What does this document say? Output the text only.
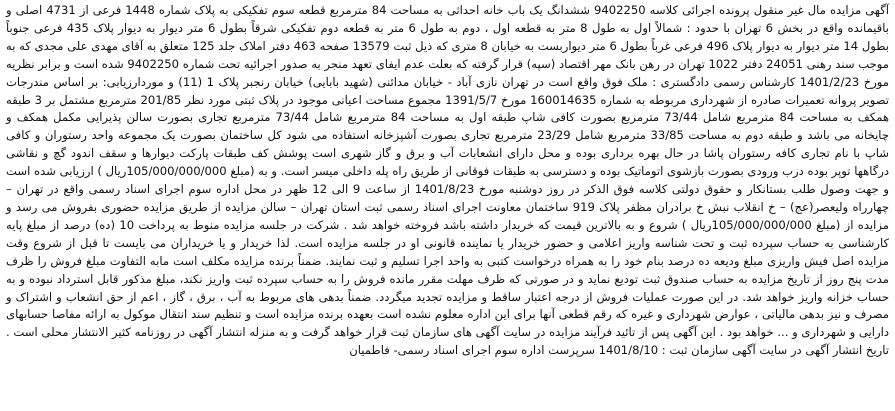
آگهی مزایده مال غیر منقول پرونده اجرائی کلاسه 9402250 ششدانگ یک باب خانه احداثی به مساحت 84 مترمربع قطعه سوم تفکیکی به پلاک شماره 1448 فرعی از 4731 اصلی و باقیمانده واقع در بخش 6 تهران با حدود : شمالاً اول به طول 8 متر به قطعه اول ، دوم به طول 6 متر به قطعه دوم تفکیکی شرقاً بطول 6 متر دیوار به دیوار پلاک 435 فرعی جنوباً بطول 14 متر دیوار به دیوار پلاک 496 فرعی غرباً بطول 6 متر دیواربست به خیابان 8 متری که ذیل ثبت 13579 صفحه 463 دفتر املاک جلد 125 متعلق به آقای مهدی علی مجدی که به موجب سند رهنی 24051 دفتر 1022 تهران در رهن بانک مهر اقتصاد (سپه) قرار گرفته که بعلت عدم ایفای تعهد منجر به صدور اجرائیه تحت شماره 9402250 شده است و برابر نظریه مورخ 1401/2/23 کارشناس رسمی دادگستری : ملک فوق واقع است در تهران نازی آباد - خیابان مدائنی (شهید بابایی) خیابان رنجبر پلاک 1 (11) و موردارزیابی: بر اساس مندرجات تصویر پروانه تعمیرات صادره از شهرداری مربوطه به شماره 160014635 مورخ 1391/5/7 مجموع مساحت اعیانی موجود در پلاک ثبتی مورد نظر 201/85 مترمربع مشتمل بر 3 طبقه همکف به مساحت 84 مترمربع شامل 73/44 مترمربع بصورت کافی شاپ طبقه اول به مساحت 84 مترمربع شامل 73/44 مترمربع تجاری بصورت سالن پذیرایی مکمل همکف و چایخانه می باشد و طبقه دوم به مساحت 33/85 مترمربع شامل 23/29 مترمربع تجاری بصورت آشپزخانه استفاده می شود کل ساختمان بصورت یک مجموعه واحد رستوران و کافی شاپ با نام تجاری کافه رستوران پاشا در حال بهره برداری بوده و محل دارای انشعابات آب و برق و گاز شهری است پوشش کف طبقات پارکت دیوارها و سقف اندود گچ و نقاشی درگاهها توپر بوده درب ورودی بصورت بازشوی اتوماتیک بوده و دسترسی به طبقات فوقانی از طریق راه پله داخلی میسر است. و به (مبلغ 105/000/000/000ریال ) ارزیابی شده است و جهت وصول طلب بستانکار و حقوق دولتی کلاسه فوق الذکر در روز دوشنبه مورخ 1401/8/23 از ساعت 9 الی 12 ظهر در محل اداره سوم اجرای اسناد رسمی واقع در تهران – چهارراه ولیعصر(عج) – خ انقلاب نبش خ برادران مظفر پلاک 919 ساختمان معاونت اجرای اسناد رسمی ثبت استان تهران – سالن مزایده از طریق مزایده حضوری بفروش می رسد و مزایده از (مبلغ 105/000/000/000ریال ) شروع و به بالاترین قیمت که خریدار داشته باشد فروخته خواهد شد . شرکت در جلسه مزایده منوط به پرداخت 10 (ده) درصد از مبلغ پایه کارشناسی به حساب سپرده ثبت و تحت شناسه واریز اعلامی و حضور خریدار یا نماینده قانونی او در جلسه مزایده است. لذا خریدار و یا خریداران می بایست تا قبل از شروع وقت مزایده اصل فیش واریزی مبلغ ودیعه ده درصد بنام خود را به همراه درخواست کتبی به واحد اجرا تسلیم و ثبت نمایند. ضمناً برنده مزایده مکلف است مابه التفاوت مبلغ فروش را ظرف مدت پنج روز از تاریخ مزایده به حساب صندوق ثبت تودیع نماید و در صورتی که ظرف مهلت مقرر مانده فروش را به حساب سپرده ثبت واریز نکند، مبلغ مذکور قابل استرداد نبوده و به حساب خزانه واریز خواهد شد. در این صورت عملیات فروش از درجه اعتبار ساقط و مزایده تجدید میگردد. ضمناً بدهی های مربوط به آب ، برق ، گاز ، اعم از حق انشعاب و اشتراک و مصرف و نیز بدهی مالیاتی ، عوارض شهرداری و غیره که رقم قطعی آنها برای این اداره معلوم نشده است بعهده برنده مزایده است و تنظیم سند انتقال موکول به ارائه مفاصا حسابهای دارایی و شهرداری و ... خواهد بود . این آگهی پس از تائید فرآیند مزایده در سایت آگهی های سازمان ثبت قرار خواهد گرفت و به منزله انتشار آگهی در روزنامه کثیر الانتشار محلی است . تاریخ انتشار آگهی در سایت آگهی سازمان ثبت : 1401/8/10 سرپرست اداره سوم اجرای اسناد رسمی- فاطمیان
